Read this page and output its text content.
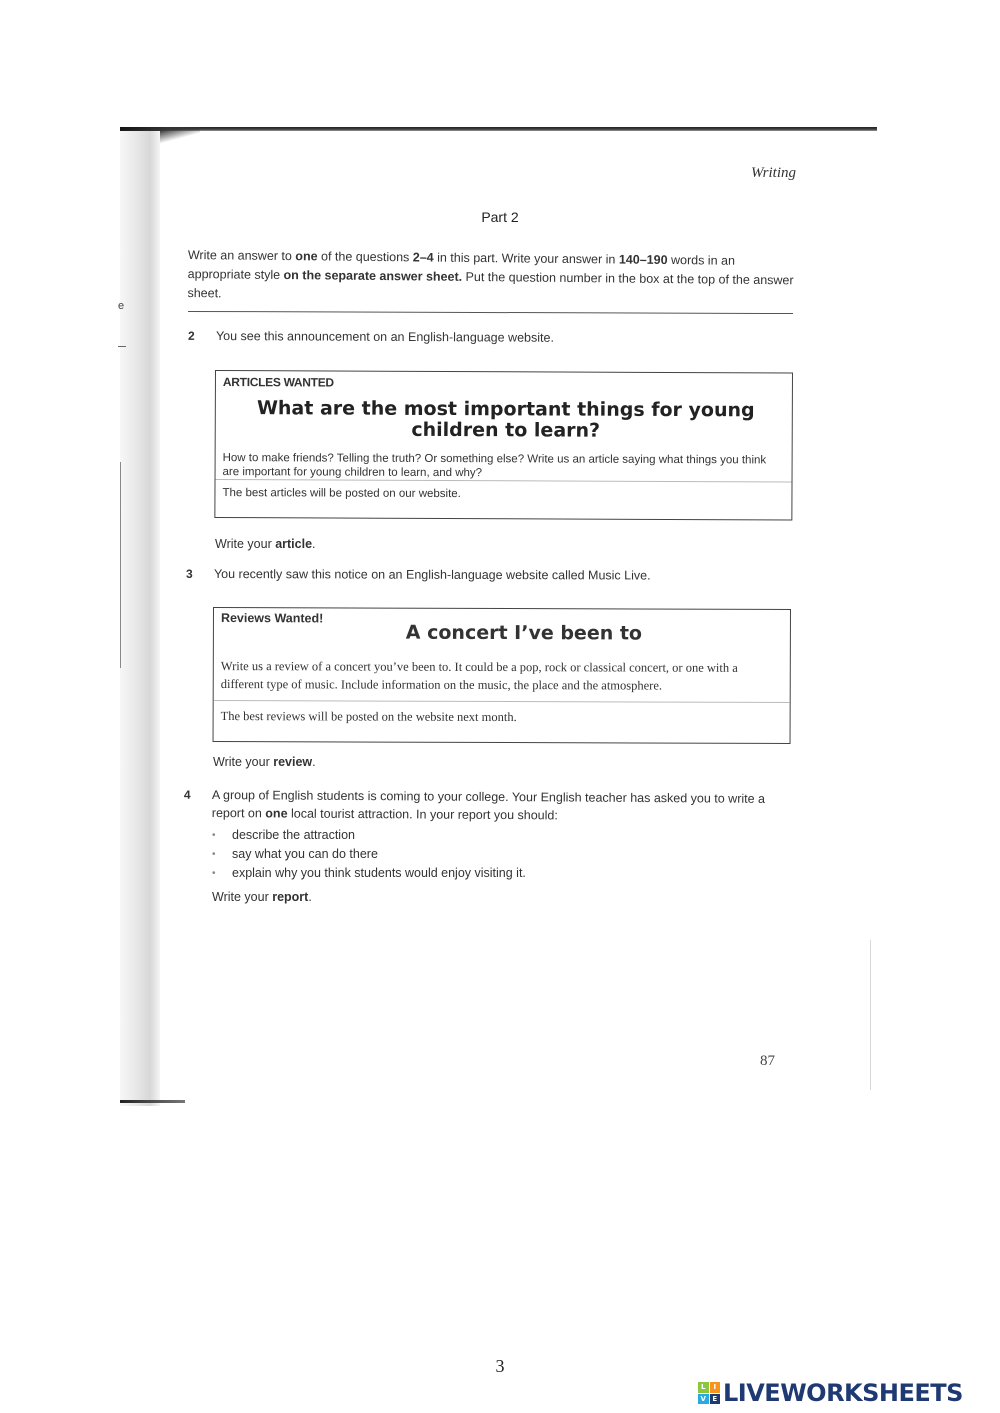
e
Writing
Part 2
Write an answer to one of the questions 2–4 in this part. Write your answer in 140–190 words in an appropriate style on the separate answer sheet. Put the question number in the box at the top of the answer sheet.
2 You see this announcement on an English-language website.
ARTICLES WANTED
What are the most important things for young children to learn?
How to make friends? Telling the truth? Or something else? Write us an article saying what things you think are important for young children to learn, and why?
The best articles will be posted on our website.
Write your article.
3 You recently saw this notice on an English-language website called Music Live.
Reviews Wanted!
A concert I’ve been to
Write us a review of a concert you’ve been to. It could be a pop, rock or classical concert, or one with a different type of music. Include information on the music, the place and the atmosphere.
The best reviews will be posted on the website next month.
Write your review.
4 A group of English students is coming to your college. Your English teacher has asked you to write a report on one local tourist attraction. In your report you should:
• describe the attraction
• say what you can do there
• explain why you think students would enjoy visiting it.
Write your report.
87
3
L	I
V E LIVEWORKSHEETS
